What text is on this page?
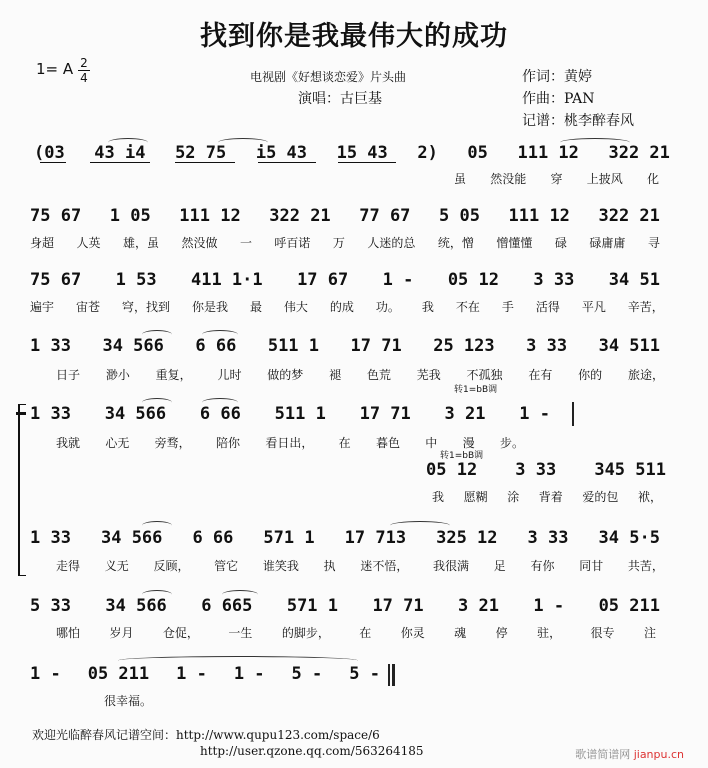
找到你是我最伟大的成功
1= A 2
4	电视剧《好想谈恋爱》片头曲
演唱：古巨基
作词：黄婷
作曲：PAN
记谱：桃李醉春风
(03 43 i4 52 75 i5 43 15 43 2) 05 111 12 322 21
虽 然没能 穿 上披风 化
75 67 1 05 111 12 322 21 77 67 5 05 111 12 322 21
身超 人英 雄，虽 然没做 一 呼百诺 万 人迷的总 统，憎 憎懂懂 碌 碌庸庸 寻
75 67 1 53 411 1·1 17 67 1 - 05 12 3 33 34 51
遍宇 宙苍 穹，找到 你是我 最 伟大 的成 功。 我 不在 手 活得 平凡 辛苦，
1 33 34 566 6 66 511 1 17 71 25 123 3 33 34 511
日子 渺小 重复， 儿时 做的梦 褪 色荒 芜我 不孤独 在有 你的 旅途，
转1=bB调
1 33 34 566 6 66 511 1 17 71 3 21 1 -
我就 心无 旁骛， 陪你 看日出， 在 暮色 中 漫 步。
转1=bB调
05 12 3 33 345 511
我 愿糊 涂 背着 爱的包 袱，
1 33 34 566 6 66 571 1 17 713 325 12 3 33 34 5·5
走得 义无 反顾， 管它 谁笑我 执 迷不悟， 我很满 足 有你 同甘 共苦，
5 33 34 566 6 665 571 1 17 71 3 21 1 - 05 211
哪怕 岁月 仓促， 一生 的脚步， 在 你灵 魂 停 驻， 很专 注
1 - 05 211 1 - 1 - 5 - 5 -
很幸福。
欢迎光临醉春风记谱空间：http://www.qupu123.com/space/6
http://user.qzone.qq.com/563264185	歌谱简谱网 jianpu.cn
